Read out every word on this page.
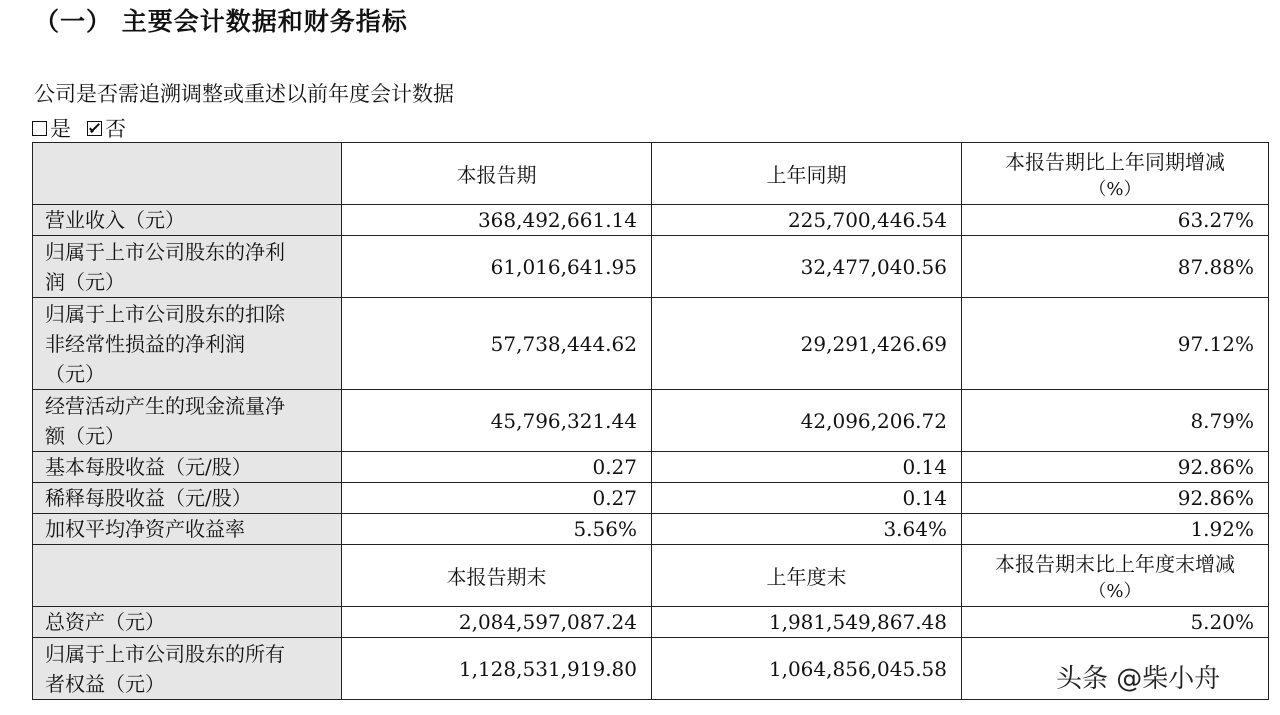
（一） 主要会计数据和财务指标
公司是否需追溯调整或重述以前年度会计数据
是 否
	本报告期	上年同期	本报告期比上年同期增减
（%）

营业收入（元）	368,492,661.14	225,700,446.54	63.27%

归属于上市公司股东的净利
润（元）	61,016,641.95	32,477,040.56	87.88%

归属于上市公司股东的扣除
非经常性损益的净利润
（元）	57,738,444.62	29,291,426.69	97.12%

经营活动产生的现金流量净
额（元）	45,796,321.44	42,096,206.72	8.79%

基本每股收益（元/股）	0.27	0.14	92.86%

稀释每股收益（元/股）	0.27	0.14	92.86%

加权平均净资产收益率	5.56%	3.64%	1.92%
	本报告期末	上年度末	本报告期末比上年度末增减
（%）

总资产（元）	2,084,597,087.24	1,981,549,867.48	5.20%

归属于上市公司股东的所有
者权益（元）	1,128,531,919.80	1,064,856,045.58		头条 @柴小舟
